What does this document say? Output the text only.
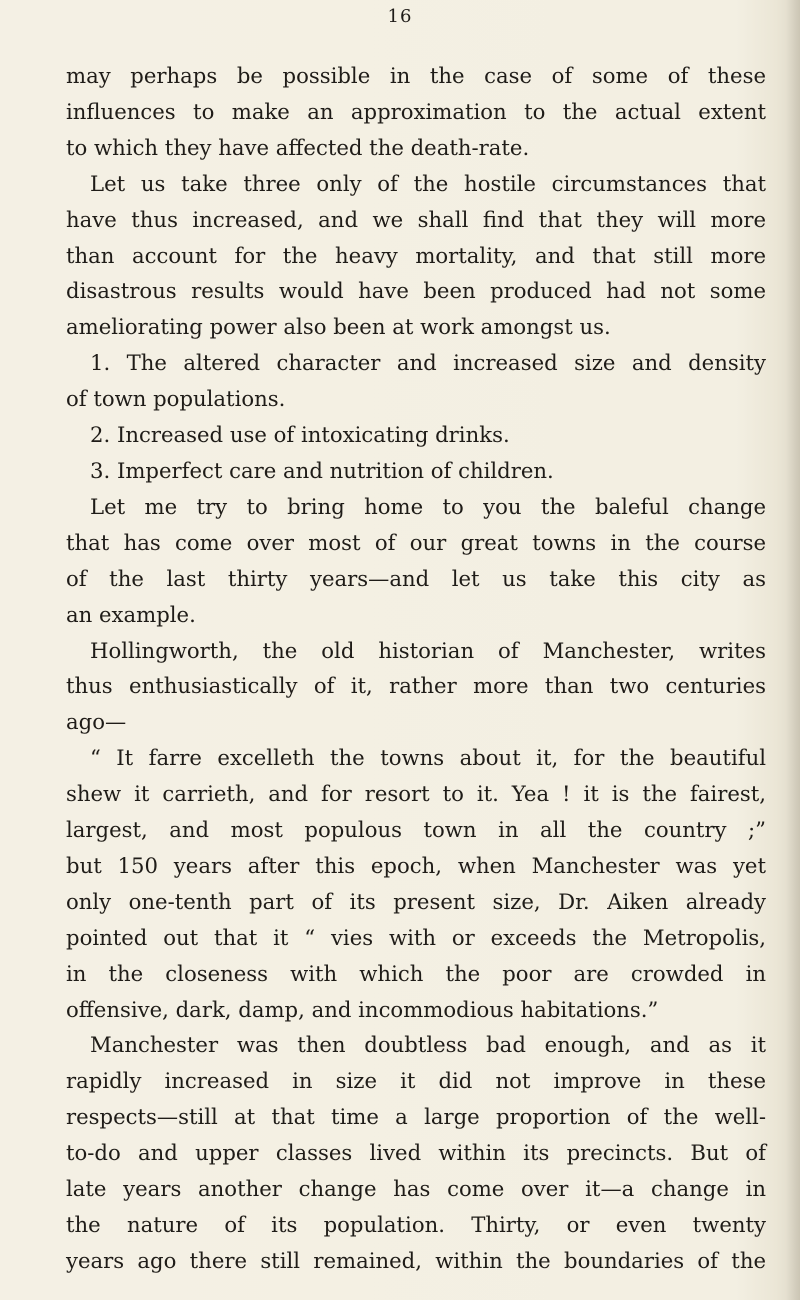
16
may perhaps be possible in the case of some of these
influences to make an approximation to the actual extent
to which they have affected the death-rate.
Let us take three only of the hostile circumstances that
have thus increased, and we shall find that they will more
than account for the heavy mortality, and that still more
disastrous results would have been produced had not some
ameliorating power also been at work amongst us.
1. The altered character and increased size and density
of town populations.
2. Increased use of intoxicating drinks.
3. Imperfect care and nutrition of children.
Let me try to bring home to you the baleful change
that has come over most of our great towns in the course
of the last thirty years—and let us take this city as
an example.
Hollingworth, the old historian of Manchester, writes
thus enthusiastically of it, rather more than two centuries
ago—
“ It farre excelleth the towns about it, for the beautiful
shew it carrieth, and for resort to it. Yea ! it is the fairest,
largest, and most populous town in all the country ;”
but 150 years after this epoch, when Manchester was yet
only one-tenth part of its present size, Dr. Aiken already
pointed out that it “ vies with or exceeds the Metropolis,
in the closeness with which the poor are crowded in
offensive, dark, damp, and incommodious habitations.”
Manchester was then doubtless bad enough, and as it
rapidly increased in size it did not improve in these
respects—still at that time a large proportion of the well-
to-do and upper classes lived within its precincts. But of
late years another change has come over it—a change in
the nature of its population. Thirty, or even twenty
years ago there still remained, within the boundaries of the
